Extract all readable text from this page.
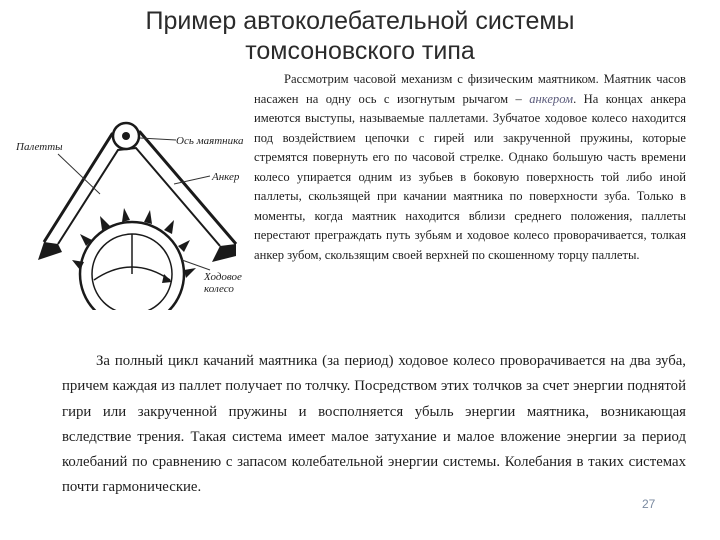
Пример автоколебательной системы
томсоновского типа
Палетты	Ось маятника
Анкер
Ходовое
колесо

Рассмотрим часовой механизм с физическим маятником. Маятник часов насажен на одну ось с изогнутым рычагом – анкером. На концах анкера имеются выступы, называемые паллетами. Зубчатое ходовое колесо находится под воздействием цепочки с гирей или закрученной пружины, которые стремятся повернуть его по часовой стрелке. Однако большую часть времени колесо упирается одним из зубьев в боковую поверхность той либо иной паллеты, скользящей при качании маятника по поверхности зуба. Только в моменты, когда маятник находится вблизи среднего положения, паллеты перестают преграждать путь зубьям и ходовое колесо проворачивается, толкая анкер зубом, скользящим своей верхней по скошенному торцу паллеты.

За полный цикл качаний маятника (за период) ходовое колесо проворачивается на два зуба, причем каждая из паллет получает по толчку. Посредством этих толчков за счет энергии поднятой гири или закрученной пружины и восполняется убыль энергии маятника, возникающая вследствие трения. Такая система имеет малое затухание и малое вложение энергии за период колебаний по сравнению с запасом колебательной энергии системы. Колебания в таких системах почти гармонические.

27
